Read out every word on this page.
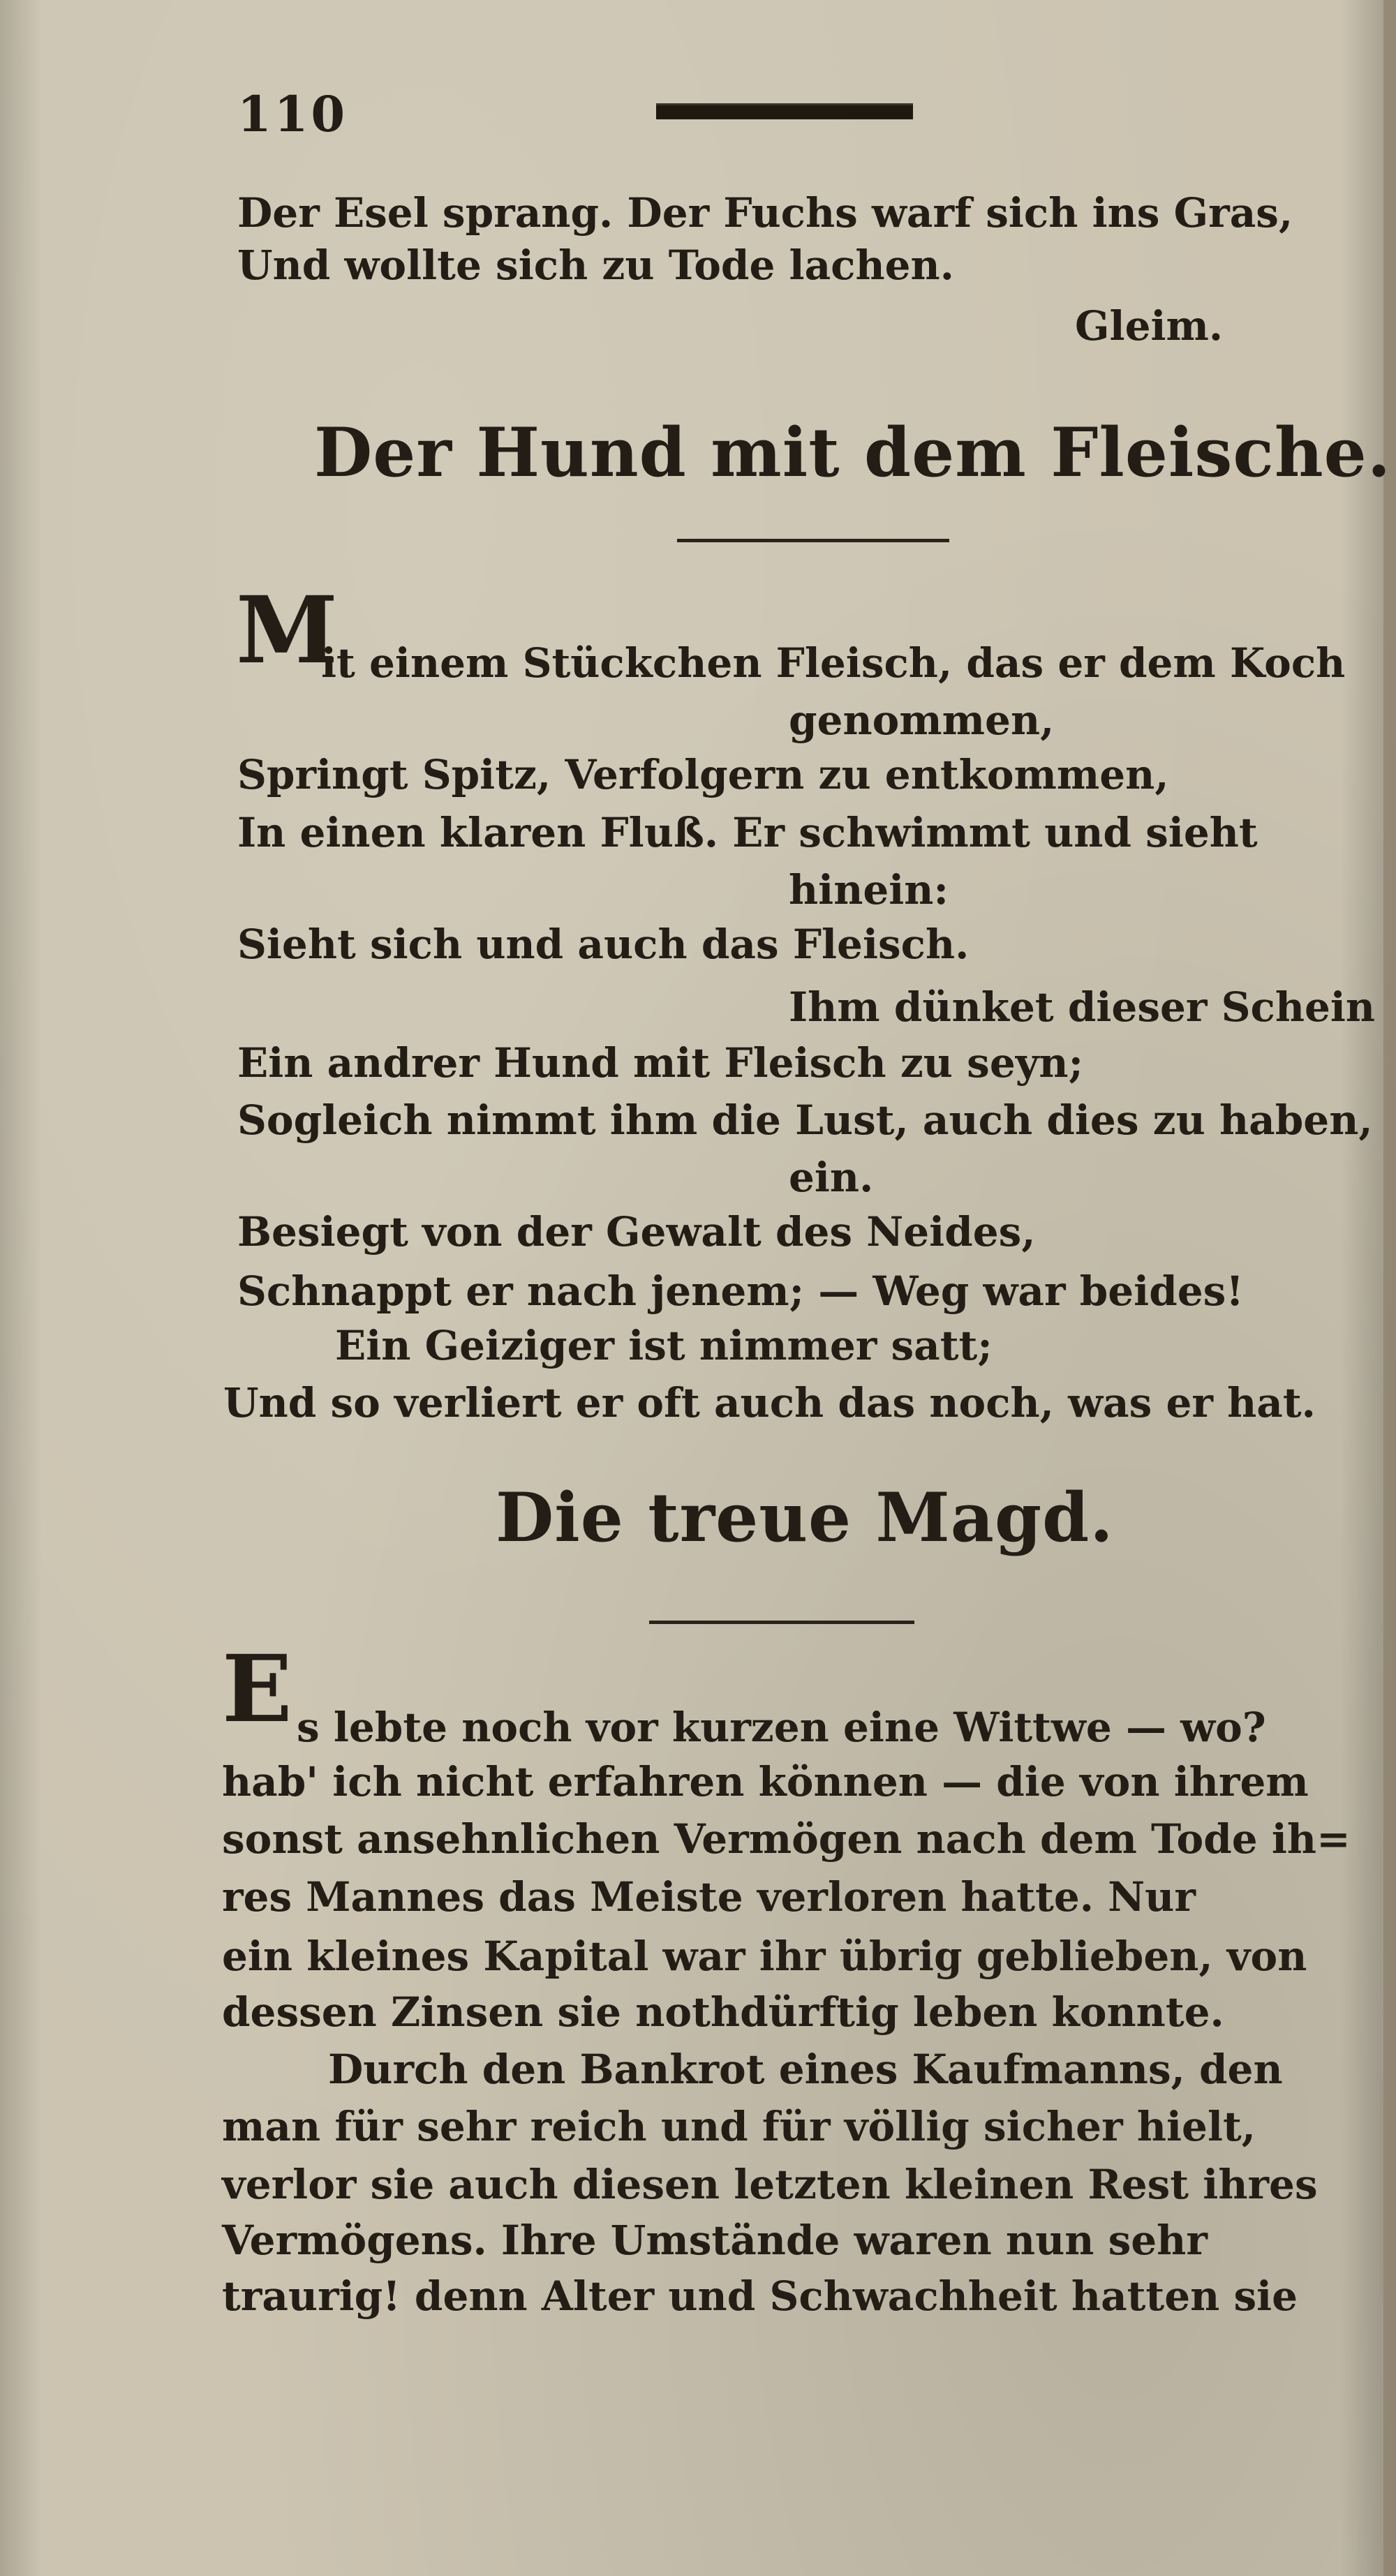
110
Der Esel sprang. Der Fuchs warf sich ins Gras,
Und wollte sich zu Tode lachen.
Gleim.
Der Hund mit dem Fleische.
M
it einem Stückchen Fleisch, das er dem Koch
genommen,
Springt Spitz, Verfolgern zu entkommen,
In einen klaren Fluß. Er schwimmt und sieht
hinein:
Sieht sich und auch das Fleisch.
Ihm dünket dieser Schein
Ein andrer Hund mit Fleisch zu seyn;
Sogleich nimmt ihm die Lust, auch dies zu haben,
ein.
Besiegt von der Gewalt des Neides,
Schnappt er nach jenem; — Weg war beides!
Ein Geiziger ist nimmer satt;
Und so verliert er oft auch das noch, was er hat.
Die treue Magd.
E s lebte noch vor kurzen eine Wittwe — wo?
hab' ich nicht erfahren können — die von ihrem
sonst ansehnlichen Vermögen nach dem Tode ih=
res Mannes das Meiste verloren hatte. Nur
ein kleines Kapital war ihr übrig geblieben, von
dessen Zinsen sie nothdürftig leben konnte.
Durch den Bankrot eines Kaufmanns, den
man für sehr reich und für völlig sicher hielt,
verlor sie auch diesen letzten kleinen Rest ihres
Vermögens. Ihre Umstände waren nun sehr
traurig! denn Alter und Schwachheit hatten sie
